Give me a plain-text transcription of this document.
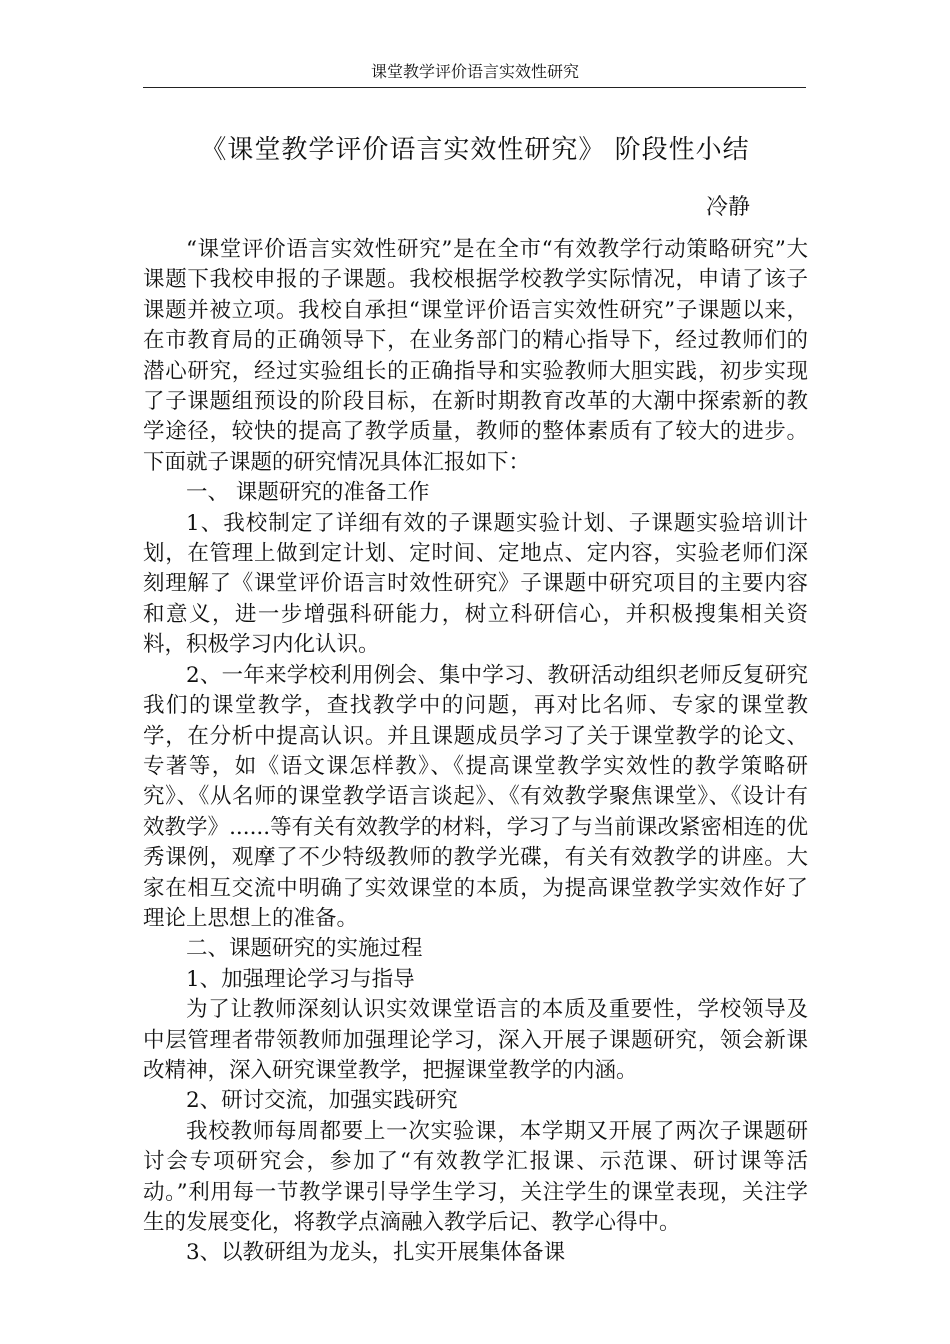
课堂教学评价语言实效性研究
《课堂教学评价语言实效性研究》 阶段性小结
冷静

“课堂评价语言实效性研究”是在全市“有效教学行动策略研究”大课题下我校申报的子课题。我校根据学校教学实际情况，申请了该子课题并被立项。我校自承担“课堂评价语言实效性研究”子课题以来，在市教育局的正确领导下，在业务部门的精心指导下，经过教师们的潜心研究，经过实验组长的正确指导和实验教师大胆实践，初步实现了子课题组预设的阶段目标，在新时期教育改革的大潮中探索新的教学途径，较快的提高了教学质量，教师的整体素质有了较大的进步。下面就子课题的研究情况具体汇报如下：

一、 课题研究的准备工作

1、我校制定了详细有效的子课题实验计划、子课题实验培训计划，在管理上做到定计划、定时间、定地点、定内容，实验老师们深刻理解了《课堂评价语言时效性研究》子课题中研究项目的主要内容和意义，进一步增强科研能力，树立科研信心，并积极搜集相关资料，积极学习内化认识。

2、一年来学校利用例会、集中学习、教研活动组织老师反复研究我们的课堂教学，查找教学中的问题，再对比名师、专家的课堂教学，在分析中提高认识。并且课题成员学习了关于课堂教学的论文、专著等，如《语文课怎样教》、《提高课堂教学实效性的教学策略研究》、《从名师的课堂教学语言谈起》、《有效教学聚焦课堂》、《设计有效教学》......等有关有效教学的材料，学习了与当前课改紧密相连的优秀课例，观摩了不少特级教师的教学光碟，有关有效教学的讲座。大家在相互交流中明确了实效课堂的本质，为提高课堂教学实效作好了理论上思想上的准备。

二、课题研究的实施过程

1、加强理论学习与指导

为了让教师深刻认识实效课堂语言的本质及重要性，学校领导及中层管理者带领教师加强理论学习，深入开展子课题研究，领会新课改精神，深入研究课堂教学，把握课堂教学的内涵。

2、研讨交流，加强实践研究

我校教师每周都要上一次实验课，本学期又开展了两次子课题研讨会专项研究会，参加了“有效教学汇报课、示范课、研讨课等活动。”利用每一节教学课引导学生学习，关注学生的课堂表现，关注学生的发展变化，将教学点滴融入教学后记、教学心得中。

3、以教研组为龙头，扎实开展集体备课
